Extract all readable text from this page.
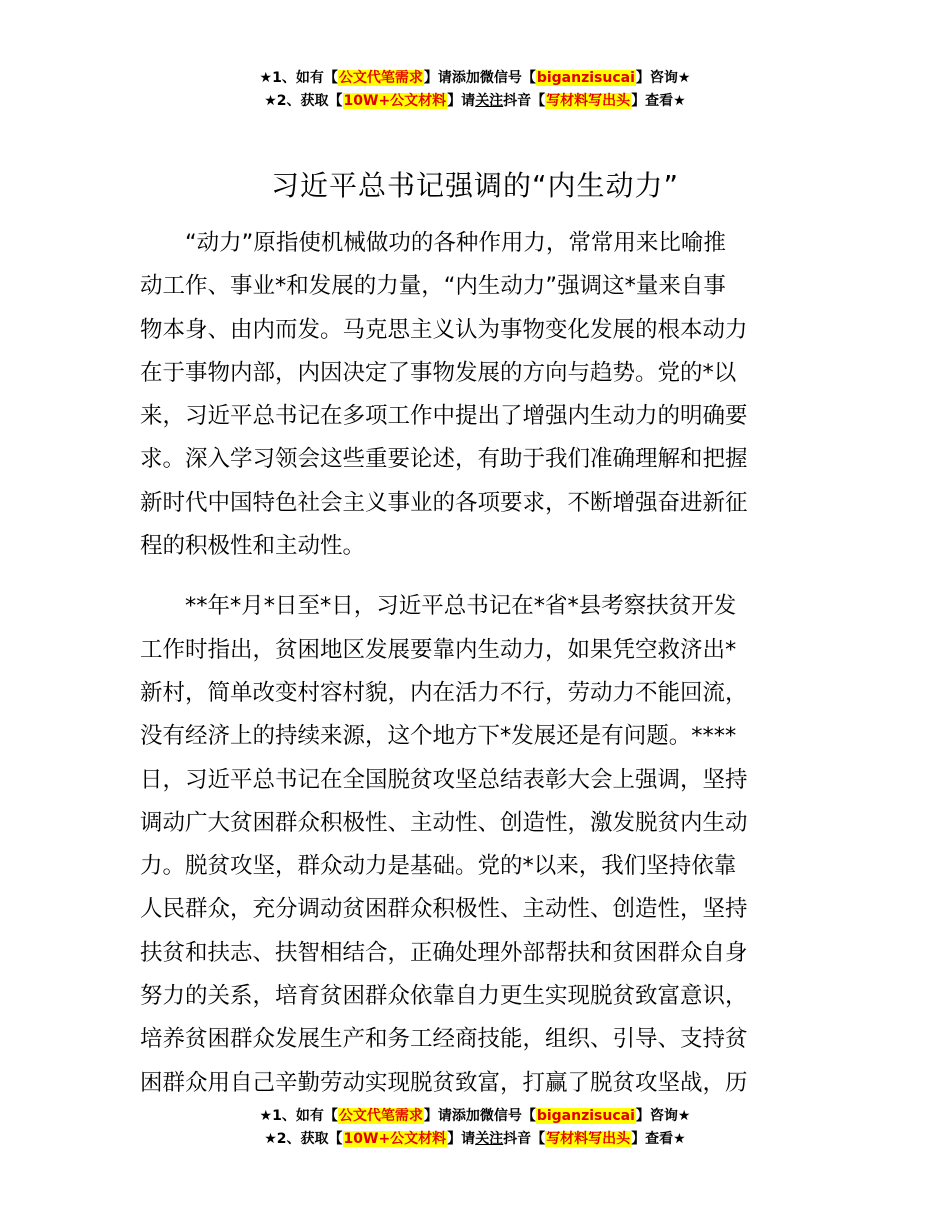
★1、如有【公文代笔需求】请添加微信号【biganzisucai】咨询★
★2、获取【10W+公文材料】请关注抖音【写材料写出头】查看★
习近平总书记强调的“内生动力”

“动力”原指使机械做功的各种作用力，常常用来比喻推
动工作、事业*和发展的力量，“内生动力”强调这*量来自事
物本身、由内而发。马克思主义认为事物变化发展的根本动力
在于事物内部，内因决定了事物发展的方向与趋势。党的*以
来，习近平总书记在多项工作中提出了增强内生动力的明确要
求。深入学习领会这些重要论述，有助于我们准确理解和把握
新时代中国特色社会主义事业的各项要求，不断增强奋进新征
程的积极性和主动性。

**年*月*日至*日，习近平总书记在*省*县考察扶贫开发
工作时指出，贫困地区发展要靠内生动力，如果凭空救济出*
新村，简单改变村容村貌，内在活力不行，劳动力不能回流，
没有经济上的持续来源，这个地方下*发展还是有问题。****
日，习近平总书记在全国脱贫攻坚总结表彰大会上强调，坚持
调动广大贫困群众积极性、主动性、创造性，激发脱贫内生动
力。脱贫攻坚，群众动力是基础。党的*以来，我们坚持依靠
人民群众，充分调动贫困群众积极性、主动性、创造性，坚持
扶贫和扶志、扶智相结合，正确处理外部帮扶和贫困群众自身
努力的关系，培育贫困群众依靠自力更生实现脱贫致富意识，
培养贫困群众发展生产和务工经商技能，组织、引导、支持贫
困群众用自己辛勤劳动实现脱贫致富，打赢了脱贫攻坚战，历

★1、如有【公文代笔需求】请添加微信号【biganzisucai】咨询★
★2、获取【10W+公文材料】请关注抖音【写材料写出头】查看★
